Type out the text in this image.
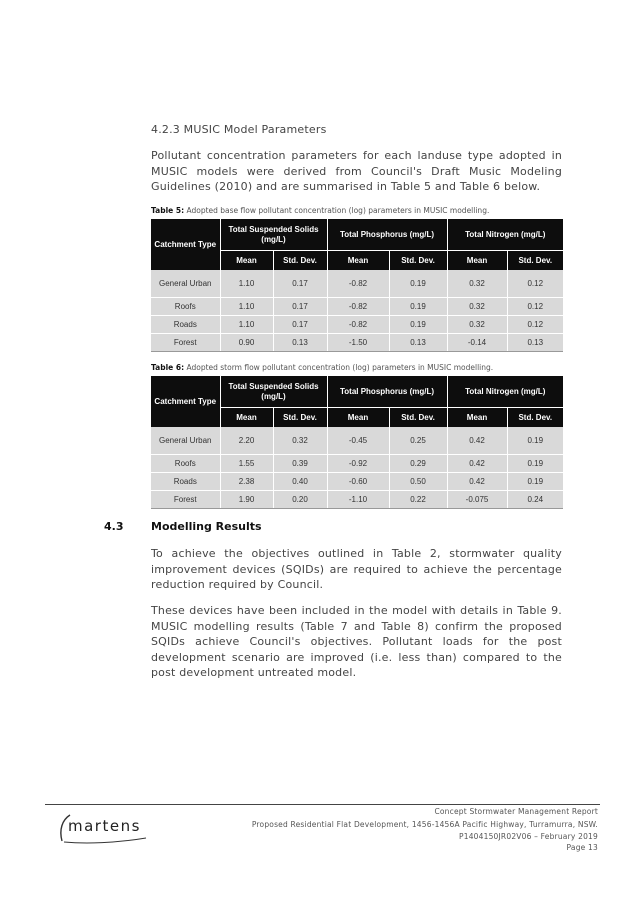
4.2.3 MUSIC Model Parameters

Pollutant concentration parameters for each landuse type adopted in MUSIC models were derived from Council's Draft Music Modeling Guidelines (2010) and are summarised in Table 5 and Table 6 below.

Table 5: Adopted base flow pollutant concentration (log) parameters in MUSIC modelling.
Catchment Type	Total Suspended Solids (mg/L)		Total Phosphorus (mg/L)		Total Nitrogen (mg/L)	
	Mean	Std. Dev.	Mean	Std. Dev.	Mean	Std. Dev.
General Urban	1.10	0.17	-0.82	0.19	0.32	0.12
Roofs	1.10	0.17	-0.82	0.19	0.32	0.12
Roads	1.10	0.17	-0.82	0.19	0.32	0.12
Forest	0.90	0.13	-1.50	0.13	-0.14	0.13
Table 6: Adopted storm flow pollutant concentration (log) parameters in MUSIC modelling.
Catchment Type	Total Suspended Solids (mg/L)		Total Phosphorus (mg/L)		Total Nitrogen (mg/L)	
	Mean	Std. Dev.	Mean	Std. Dev.	Mean	Std. Dev.
General Urban	2.20	0.32	-0.45	0.25	0.42	0.19
Roofs	1.55	0.39	-0.92	0.29	0.42	0.19
Roads	2.38	0.40	-0.60	0.50	0.42	0.19
Forest	1.90	0.20	-1.10	0.22	-0.075	0.24
4.3	Modelling Results

To achieve the objectives outlined in Table 2, stormwater quality improvement devices (SQIDs) are required to achieve the percentage reduction required by Council.

These devices have been included in the model with details in Table 9. MUSIC modelling results (Table 7 and Table 8) confirm the proposed SQIDs achieve Council's objectives. Pollutant loads for the post development scenario are improved (i.e. less than) compared to the post development untreated model.

martens
Concept Stormwater Management Report
Proposed Residential Flat Development, 1456-1456A Pacific Highway, Turramurra, NSW.
P1404150JR02V06 – February 2019
Page 13
